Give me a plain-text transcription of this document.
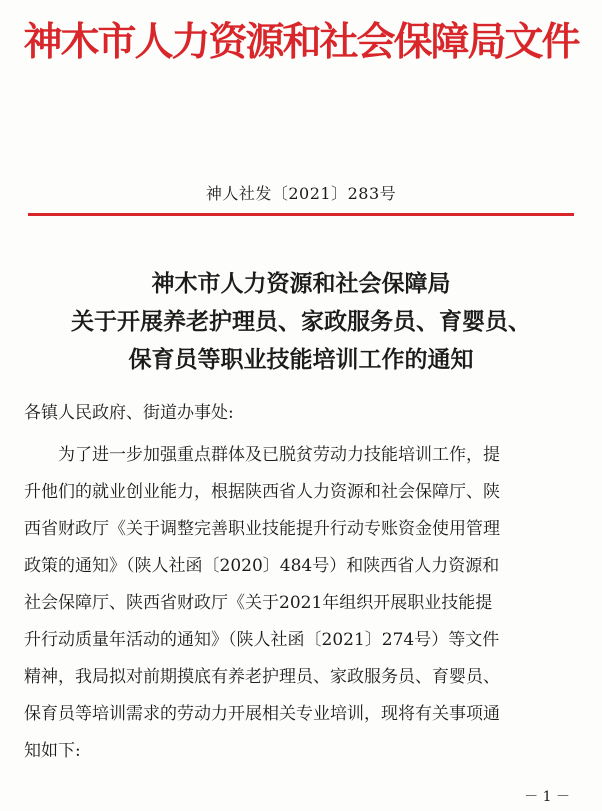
神木市人力资源和社会保障局文件
神人社发〔2021〕283号
神木市人力资源和社会保障局
关于开展养老护理员、家政服务员、育婴员、
保育员等职业技能培训工作的通知
各镇人民政府、街道办事处:
为了进一步加强重点群体及已脱贫劳动力技能培训工作，提
升他们的就业创业能力，根据陕西省人力资源和社会保障厅、陕
西省财政厅《关于调整完善职业技能提升行动专账资金使用管理
政策的通知》（陕人社函〔2020〕484号）和陕西省人力资源和
社会保障厅、陕西省财政厅《关于2021年组织开展职业技能提
升行动质量年活动的通知》（陕人社函〔2021〕274号）等文件
精神，我局拟对前期摸底有养老护理员、家政服务员、育婴员、
保育员等培训需求的劳动力开展相关专业培训，现将有关事项通
知如下:
－ 1 －
